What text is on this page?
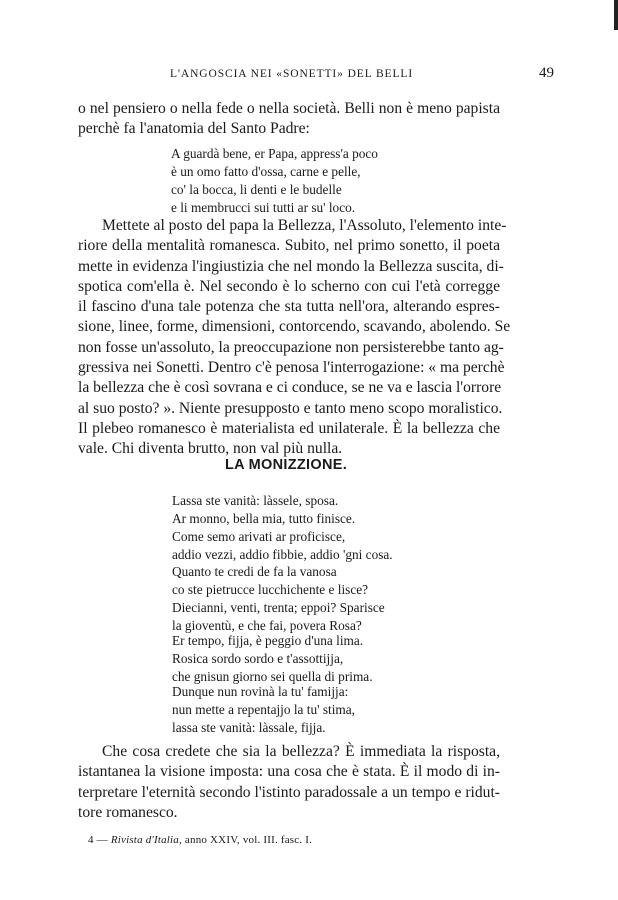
L'ANGOSCIA NEI «SONETTI» DEL BELLI	49
o nel pensiero o nella fede o nella società. Belli non è meno papista
perchè fa l'anatomia del Santo Padre:
A guardà bene, er Papa, appress'a poco
è un omo fatto d'ossa, carne e pelle,
co' la bocca, li denti e le budelle
e li membrucci sui tutti ar su' loco.
Mettete al posto del papa la Bellezza, l'Assoluto, l'elemento inte-
riore della mentalità romanesca. Subito, nel primo sonetto, il poeta
mette in evidenza l'ingiustizia che nel mondo la Bellezza suscita, di-
spotica com'ella è. Nel secondo è lo scherno con cui l'età corregge
il fascino d'una tale potenza che sta tutta nell'ora, alterando espres-
sione, linee, forme, dimensioni, contorcendo, scavando, abolendo. Se
non fosse un'assoluto, la preoccupazione non persisterebbe tanto ag-
gressiva nei Sonetti. Dentro c'è penosa l'interrogazione: « ma perchè
la bellezza che è così sovrana e ci conduce, se ne va e lascia l'orrore
al suo posto? ». Niente presupposto e tanto meno scopo moralistico.
Il plebeo romanesco è materialista ed unilaterale. È la bellezza che
vale. Chi diventa brutto, non val più nulla.
LA MONIZZIONE.
Lassa ste vanità: làssele, sposa.
Ar monno, bella mia, tutto finisce.
Come semo arivati ar proficisce,
addio vezzi, addio fibbie, addio 'gni cosa.
Quanto te credi de fa la vanosa
co ste pietrucce lucchichente e lisce?
Diecianni, venti, trenta; eppoi? Sparisce
la gioventù, e che fai, povera Rosa?
Er tempo, fijja, è peggio d'una lima.
Rosica sordo sordo e t'assottijja,
che gnisun giorno sei quella di prima.
Dunque nun rovinà la tu' famijja:
nun mette a repentajjo la tu' stima,
lassa ste vanità: làssale, fijja.
Che cosa credete che sia la bellezza? È immediata la risposta,
istantanea la visione imposta: una cosa che è stata. È il modo di in-
terpretare l'eternità secondo l'istinto paradossale a un tempo e ridut-
tore romanesco.
4 — Rivista d'Italia, anno XXIV, vol. III. fasc. I.
